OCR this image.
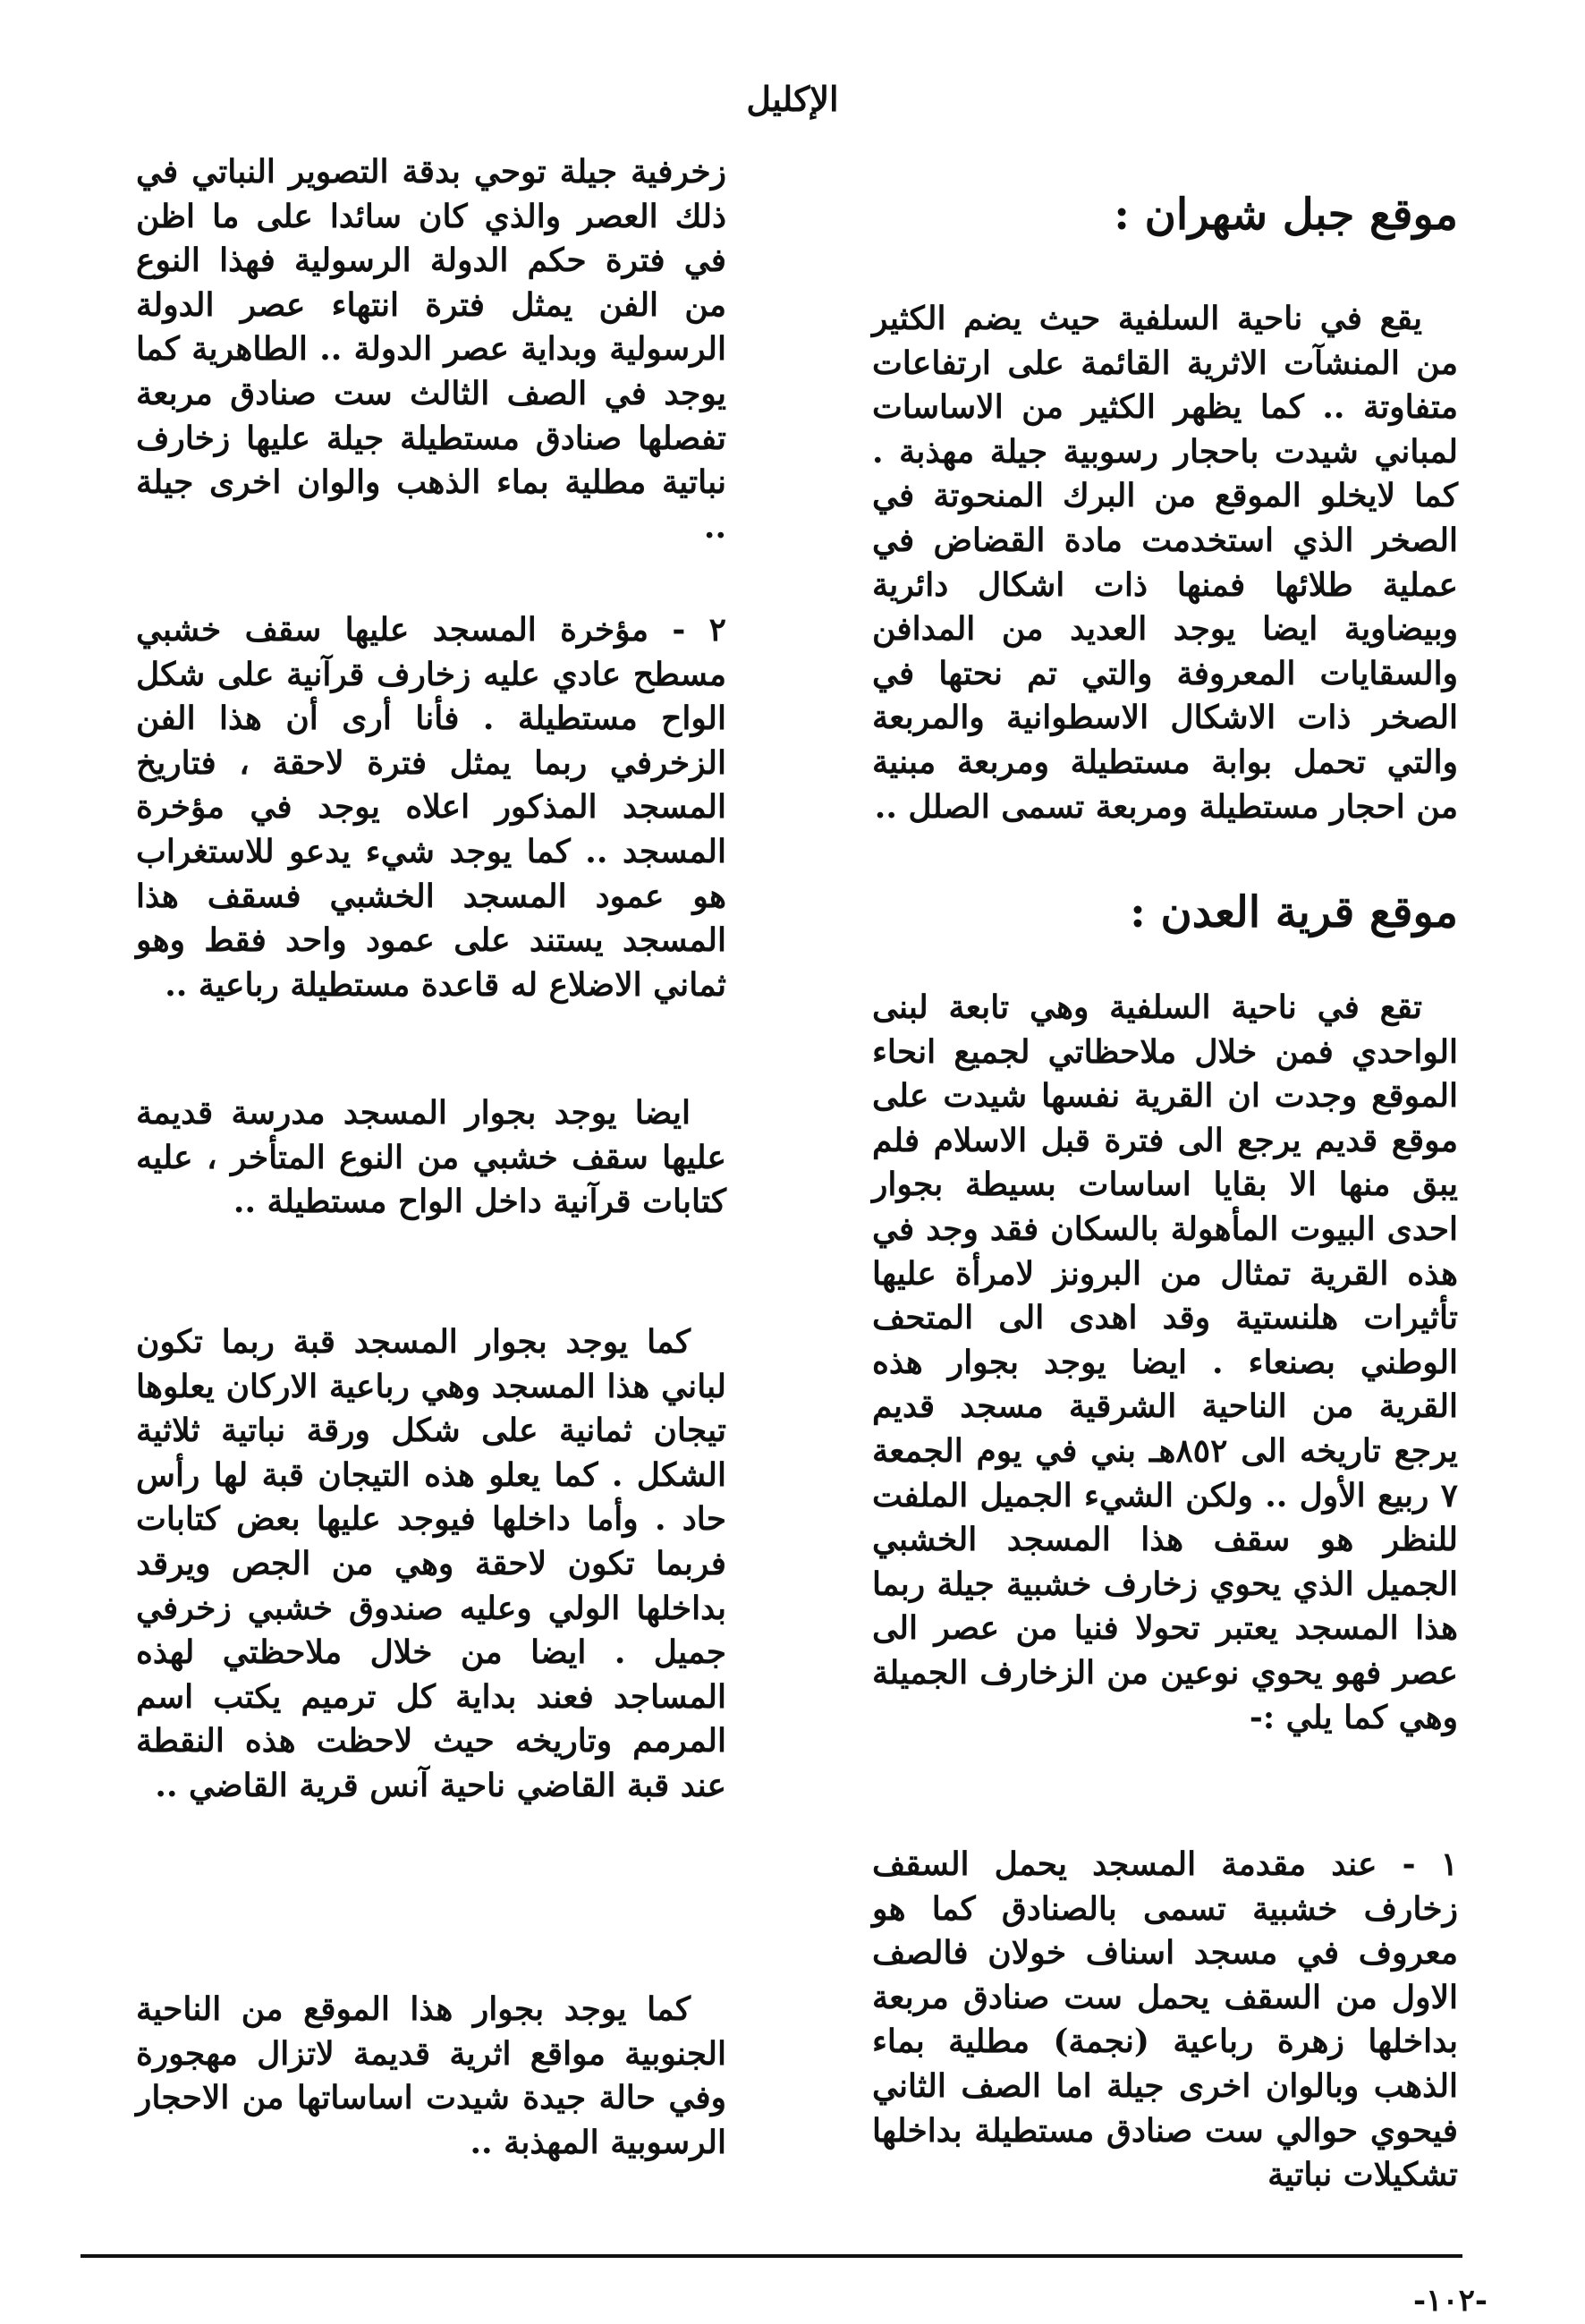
الإكليل
موقع جبل شهران :

يقع في ناحية السلفية حيث يضم الكثير من المنشآت الاثرية القائمة على ارتفاعات متفاوتة .. كما يظهر الكثير من الاساسات لمباني شيدت باحجار رسوبية جيلة مهذبة . كما لايخلو الموقع من البرك المنحوتة في الصخر الذي استخدمت مادة القضاض في عملية طلائها فمنها ذات اشكال دائرية وبيضاوية ايضا يوجد العديد من المدافن والسقايات المعروفة والتي تم نحتها في الصخر ذات الاشكال الاسطوانية والمربعة والتي تحمل بوابة مستطيلة ومربعة مبنية من احجار مستطيلة ومربعة تسمى الصلل ..

موقع قرية العدن :

تقع في ناحية السلفية وهي تابعة لبنى الواحدي فمن خلال ملاحظاتي لجميع انحاء الموقع وجدت ان القرية نفسها شيدت على موقع قديم يرجع الى فترة قبل الاسلام فلم يبق منها الا بقايا اساسات بسيطة بجوار احدى البيوت المأهولة بالسكان فقد وجد في هذه القرية تمثال من البرونز لامرأة عليها تأثيرات هلنستية وقد اهدى الى المتحف الوطني بصنعاء . ايضا يوجد بجوار هذه القرية من الناحية الشرقية مسجد قديم يرجع تاريخه الى ٨٥٢هـ بني في يوم الجمعة ٧ ربيع الأول .. ولكن الشيء الجميل الملفت للنظر هو سقف هذا المسجد الخشبي الجميل الذي يحوي زخارف خشبية جيلة ربما هذا المسجد يعتبر تحولا فنيا من عصر الى عصر فهو يحوي نوعين من الزخارف الجميلة وهي كما يلي :-

١ - عند مقدمة المسجد يحمل السقف زخارف خشبية تسمى بالصنادق كما هو معروف في مسجد اسناف خولان فالصف الاول من السقف يحمل ست صنادق مربعة بداخلها زهرة رباعية (نجمة) مطلية بماء الذهب وبالوان اخرى جيلة اما الصف الثاني فيحوي حوالي ست صنادق مستطيلة بداخلها تشكيلات نباتية

زخرفية جيلة توحي بدقة التصوير النباتي في ذلك العصر والذي كان سائدا على ما اظن في فترة حكم الدولة الرسولية فهذا النوع من الفن يمثل فترة انتهاء عصر الدولة الرسولية وبداية عصر الدولة .. الطاهرية كما يوجد في الصف الثالث ست صنادق مربعة تفصلها صنادق مستطيلة جيلة عليها زخارف نباتية مطلية بماء الذهب والوان اخرى جيلة ..

٢ - مؤخرة المسجد عليها سقف خشبي مسطح عادي عليه زخارف قرآنية على شكل الواح مستطيلة . فأنا أرى أن هذا الفن الزخرفي ربما يمثل فترة لاحقة ، فتاريخ المسجد المذكور اعلاه يوجد في مؤخرة المسجد .. كما يوجد شيء يدعو للاستغراب هو عمود المسجد الخشبي فسقف هذا المسجد يستند على عمود واحد فقط وهو ثماني الاضلاع له قاعدة مستطيلة رباعية ..

ايضا يوجد بجوار المسجد مدرسة قديمة عليها سقف خشبي من النوع المتأخر ، عليه كتابات قرآنية داخل الواح مستطيلة ..

كما يوجد بجوار المسجد قبة ربما تكون لباني هذا المسجد وهي رباعية الاركان يعلوها تيجان ثمانية على شكل ورقة نباتية ثلاثية الشكل . كما يعلو هذه التيجان قبة لها رأس حاد . وأما داخلها فيوجد عليها بعض كتابات فربما تكون لاحقة وهي من الجص ويرقد بداخلها الولي وعليه صندوق خشبي زخرفي جميل . ايضا من خلال ملاحظتي لهذه المساجد فعند بداية كل ترميم يكتب اسم المرمم وتاريخه حيث لاحظت هذه النقطة عند قبة القاضي ناحية آنس قرية القاضي ..

كما يوجد بجوار هذا الموقع من الناحية الجنوبية مواقع اثرية قديمة لاتزال مهجورة وفي حالة جيدة شيدت اساساتها من الاحجار الرسوبية المهذبة ..

-١٠٢-
